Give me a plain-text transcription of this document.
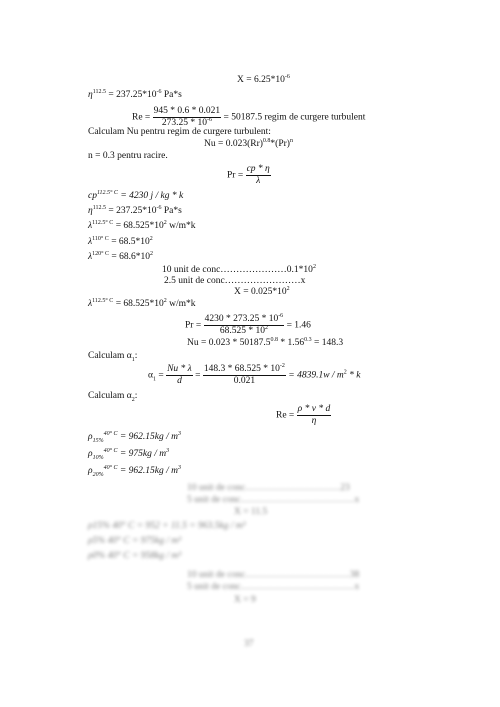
$X = 6.25*10^{-6}$
$\eta^{112.5} = 237.25*10^{-6}$ Pa*s
$Re = \frac{945 * 0.6 * 0.021}{273.25 * 10^{-6}} = 50187.5$ regim de curgere turbulent
Calculam Nu pentru regim de curgere turbulent:
$Nu = 0.023(Rr)^{0.8}*(Pr)^n$
n = 0.3 pentru racire.
$Pr = \frac{cp * \eta}{\lambda}$
$cp^{112.5^\circ C} = 4230$ j / kg * k
$\eta^{112.5} = 237.25*10^{-6}$ Pa*s
$\lambda^{112.5^\circ C} = 68.525*10^2$ w/m*k
$\lambda^{110^\circ C} = 68.5*10^2$
$\lambda^{120^\circ C} = 68.6*10^2$
10 unit de $conc\dots\dots\dots\dots\dots\dots\dots 0.1*10^2$
2.5 unit de conc……………………x
$X = 0.025*10^2$
$\lambda^{112.5^\circ C} = 68.525*10^2$ w/m*k
$Pr = \frac{4230 * 273.25 * 10^{-6}}{68.525 * 10^2} = 1.46$
$Nu = 0.023 * 50187.5^{0.8} * 1.56^{0.3} = 148.3$
Calculam $\alpha_1$:
$\alpha_1 = \frac{Nu * \lambda}{d} = \frac{148.3 * 68.525 * 10^{-2}}{0.021} = 4839.1w / m^2 * k$
Calculam $\alpha_2$:
$Re = \frac{\rho * v * d}{\eta}$
$\rho_{15\%}^{40^\circ C} = 962.15kg / m^3$
$\rho_{10\%}^{40^\circ C} = 975kg / m^3$
$\rho_{20\%}^{40^\circ C} = 962.15kg / m^3$
10 unit de conc…………………………23
5 unit de conc………………………………x
X = 11.5
ρ15% 40° C = 952 + 11.5 = 963.5kg / m³
ρ5% 40° C = 975kg / m³
ρ0% 40° C = 958kg / m³
10 unit de conc……………………………38
5 unit de conc………………………………x
X = 9
37
